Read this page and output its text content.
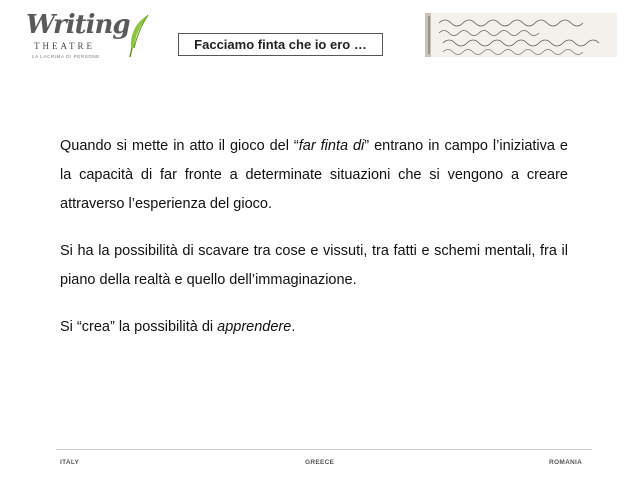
Writing
THEATRE
LA LACRIMA DI PERSONE
Facciamo finta che io ero …

Quando si mette in atto il gioco del “far finta di” entrano in campo l’iniziativa e la capacità di far fronte a determinate situazioni che si vengono a creare attraverso l’esperienza del gioco.

Si ha la possibilità di scavare tra cose e vissuti, tra fatti e schemi mentali, fra il piano della realtà e quello dell’immaginazione.

Si “crea” la possibilità di apprendere.

ITALY	GREECE	ROMANIA
